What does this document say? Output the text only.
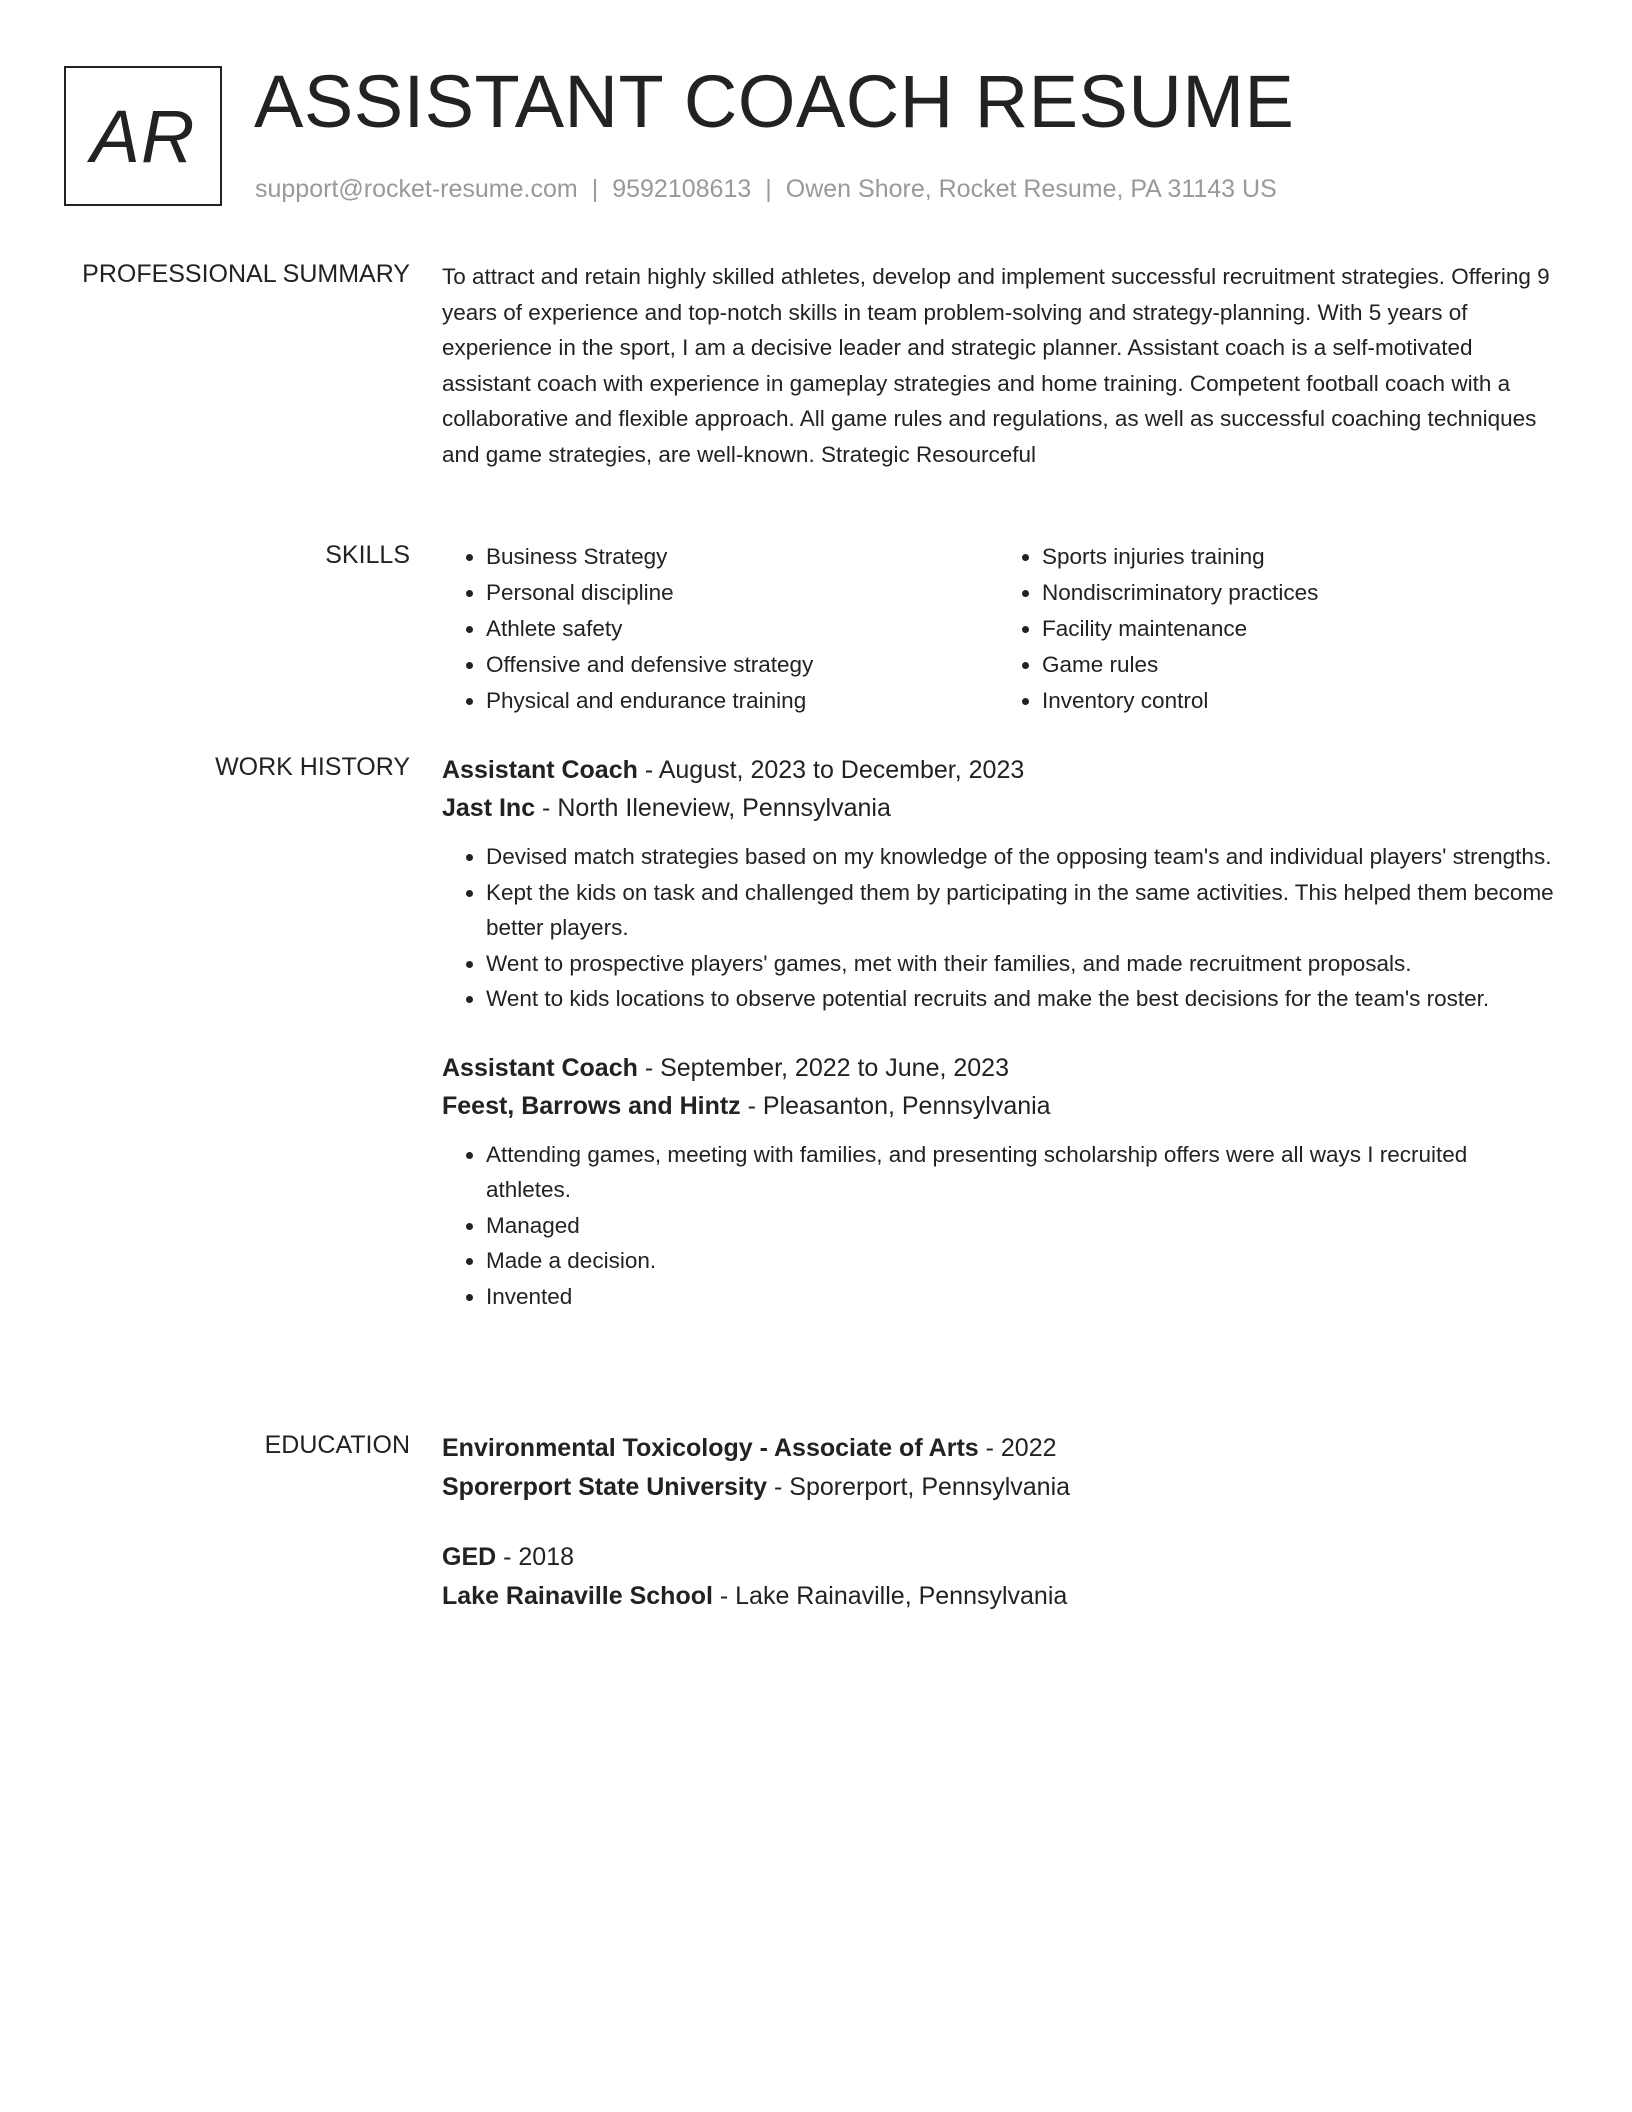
AR ASSISTANT COACH RESUME
support@rocket-resume.com | 9592108613 | Owen Shore, Rocket Resume, PA 31143 US
PROFESSIONAL SUMMARY To attract and retain highly skilled athletes, develop and implement successful recruitment strategies. Offering 9 years of experience and top-notch skills in team problem-solving and strategy-planning. With 5 years of experience in the sport, I am a decisive leader and strategic planner. Assistant coach is a self-motivated assistant coach with experience in gameplay strategies and home training. Competent football coach with a collaborative and flexible approach. All game rules and regulations, as well as successful coaching techniques and game strategies, are well-known. Strategic Resourceful

SKILLS
•	Business Strategy
• Personal discipline
• Athlete safety
• Offensive and defensive strategy
• Physical and endurance training
• Sports injuries training
• Nondiscriminatory practices
• Facility maintenance
• Game rules
• Inventory control
WORK HISTORY Assistant Coach - August, 2023 to December, 2023

Jast Inc - North Ileneview, Pennsylvania

• Devised match strategies based on my knowledge of the opposing team's and individual players' strengths.
• Kept the kids on task and challenged them by participating in the same activities. This helped them become better players.
• Went to prospective players' games, met with their families, and made recruitment proposals.
• Went to kids locations to observe potential recruits and make the best decisions for the team's roster.

Assistant Coach - September, 2022 to June, 2023

Feest, Barrows and Hintz - Pleasanton, Pennsylvania

• Attending games, meeting with families, and presenting scholarship offers were all ways I recruited athletes.
• Managed
• Made a decision.
• Invented
EDUCATION Environmental Toxicology - Associate of Arts - 2022

Sporerport State University - Sporerport, Pennsylvania

GED - 2018

Lake Rainaville School - Lake Rainaville, Pennsylvania
